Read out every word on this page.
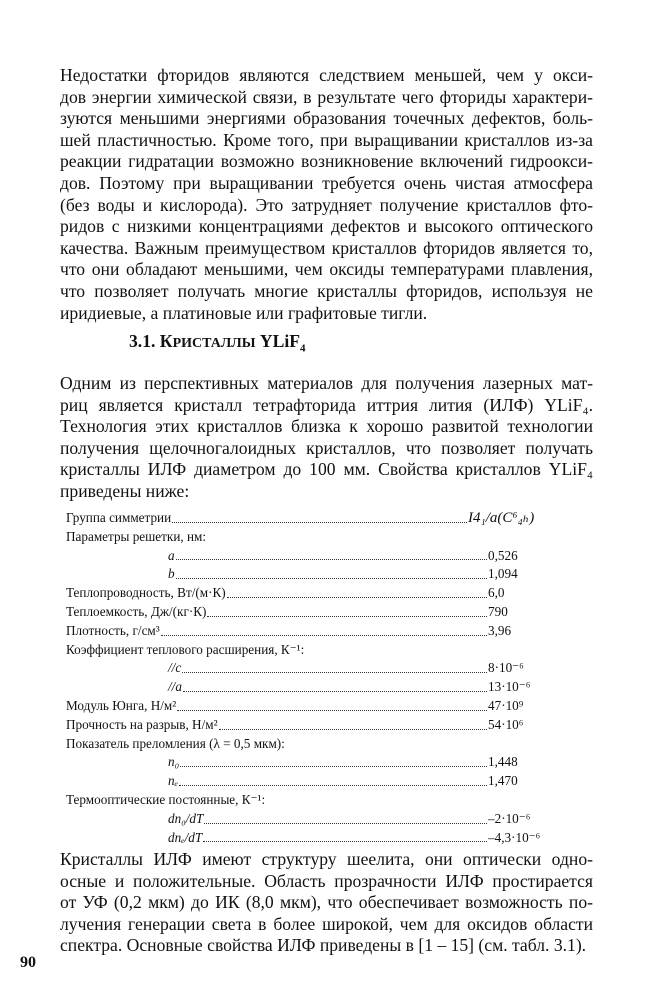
Недостатки фторидов являются следствием меньшей, чем у окси-
дов энергии химической связи, в результате чего фториды характери-
зуются меньшими энергиями образования точечных дефектов, боль-
шей пластичностью. Кроме того, при выращивании кристаллов из-за
реакции гидратации возможно возникновение включений гидроокси-
дов. Поэтому при выращивании требуется очень чистая атмосфера
(без воды и кислорода). Это затрудняет получение кристаллов фто-
ридов с низкими концентрациями дефектов и высокого оптического
качества. Важным преимуществом кристаллов фторидов является то,
что они обладают меньшими, чем оксиды температурами плавления,
что позволяет получать многие кристаллы фторидов, используя не
иридиевые, а платиновые или графитовые тигли.
3.1. КРИСТАЛЛЫ YLiF$_4$
Одним из перспективных материалов для получения лазерных мат-
риц является кристалл тетрафторида иттрия лития (ИЛФ) YLiF₄.
Технология этих кристаллов близка к хорошо развитой технологии
получения щелочногалоидных кристаллов, что позволяет получать
кристаллы ИЛФ диаметром до 100 мм. Свойства кристаллов YLiF₄
приведены ниже:
Группа симметрии	I4₁/a(C⁶₄ₕ)
Параметры решетки, нм:
a	0,526
b	1,094
Теплопроводность, Вт/(м·К)	6,0
Теплоемкость, Дж/(кг·К)	790
Плотность, г/см³	3,96
Коэффициент теплового расширения, К⁻¹:
//c	8·10⁻⁶
//a	13·10⁻⁶
Модуль Юнга, Н/м²	47·10⁹
Прочность на разрыв, Н/м²	54·10⁶
Показатель преломления (λ = 0,5 мкм):
n₀	1,448
nₑ	1,470
Термооптические постоянные, К⁻¹:
dn₀/dT	–2·10⁻⁶
dnₑ/dT	–4,3·10⁻⁶
Кристаллы ИЛФ имеют структуру шеелита, они оптически одно-
осные и положительные. Область прозрачности ИЛФ простирается
от УФ (0,2 мкм) до ИК (8,0 мкм), что обеспечивает возможность по-
лучения генерации света в более широкой, чем для оксидов области
спектра. Основные свойства ИЛФ приведены в [1 – 15] (см. табл. 3.1).
90
